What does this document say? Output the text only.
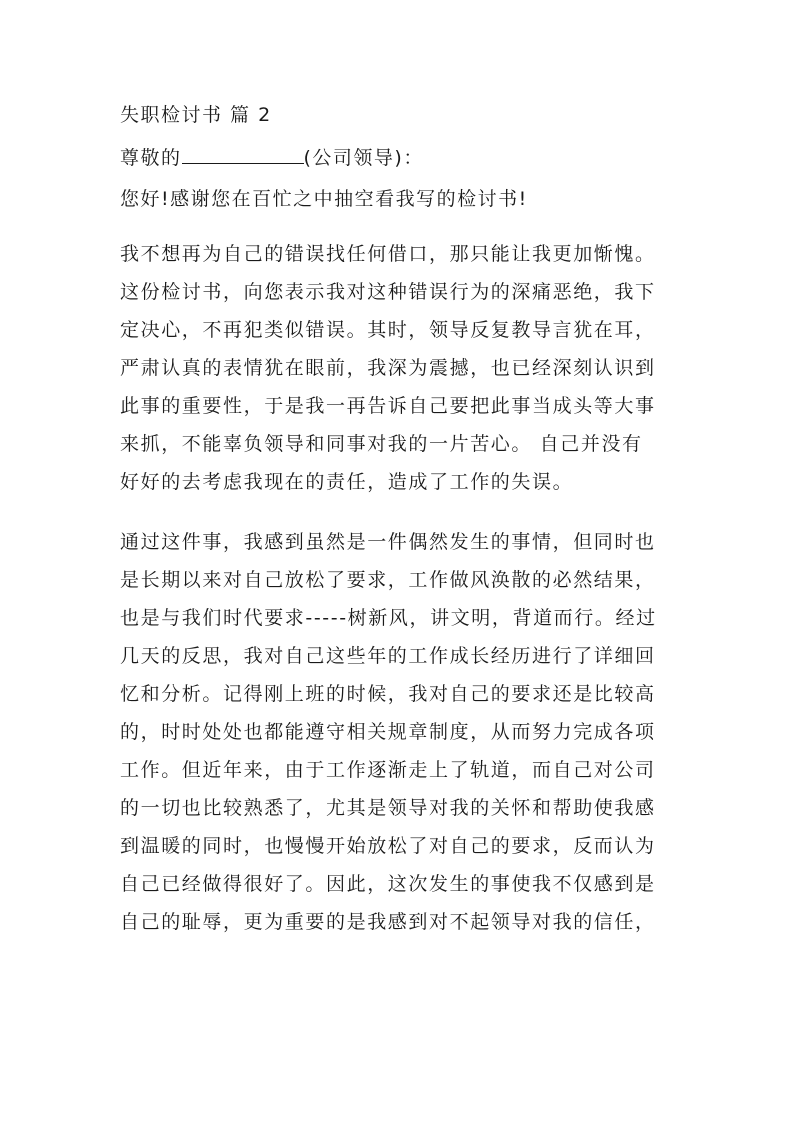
失职检讨书 篇 2

尊敬的	(公司领导)：

您好!感谢您在百忙之中抽空看我写的检讨书!

我不想再为自己的错误找任何借口，那只能让我更加惭愧。

这份检讨书，向您表示我对这种错误行为的深痛恶绝，我下

定决心，不再犯类似错误。其时，领导反复教导言犹在耳，

严肃认真的表情犹在眼前，我深为震撼，也已经深刻认识到

此事的重要性，于是我一再告诉自己要把此事当成头等大事

来抓，不能辜负领导和同事对我的一片苦心。 自己并没有

好好的去考虑我现在的责任，造成了工作的失误。

通过这件事，我感到虽然是一件偶然发生的事情，但同时也

是长期以来对自己放松了要求，工作做风涣散的必然结果，

也是与我们时代要求-----树新风，讲文明，背道而行。经过

几天的反思，我对自己这些年的工作成长经历进行了详细回

忆和分析。记得刚上班的时候，我对自己的要求还是比较高

的，时时处处也都能遵守相关规章制度，从而努力完成各项

工作。但近年来，由于工作逐渐走上了轨道，而自己对公司

的一切也比较熟悉了，尤其是领导对我的关怀和帮助使我感

到温暖的同时，也慢慢开始放松了对自己的要求，反而认为

自己已经做得很好了。因此，这次发生的事使我不仅感到是

自己的耻辱，更为重要的是我感到对不起领导对我的信任，
